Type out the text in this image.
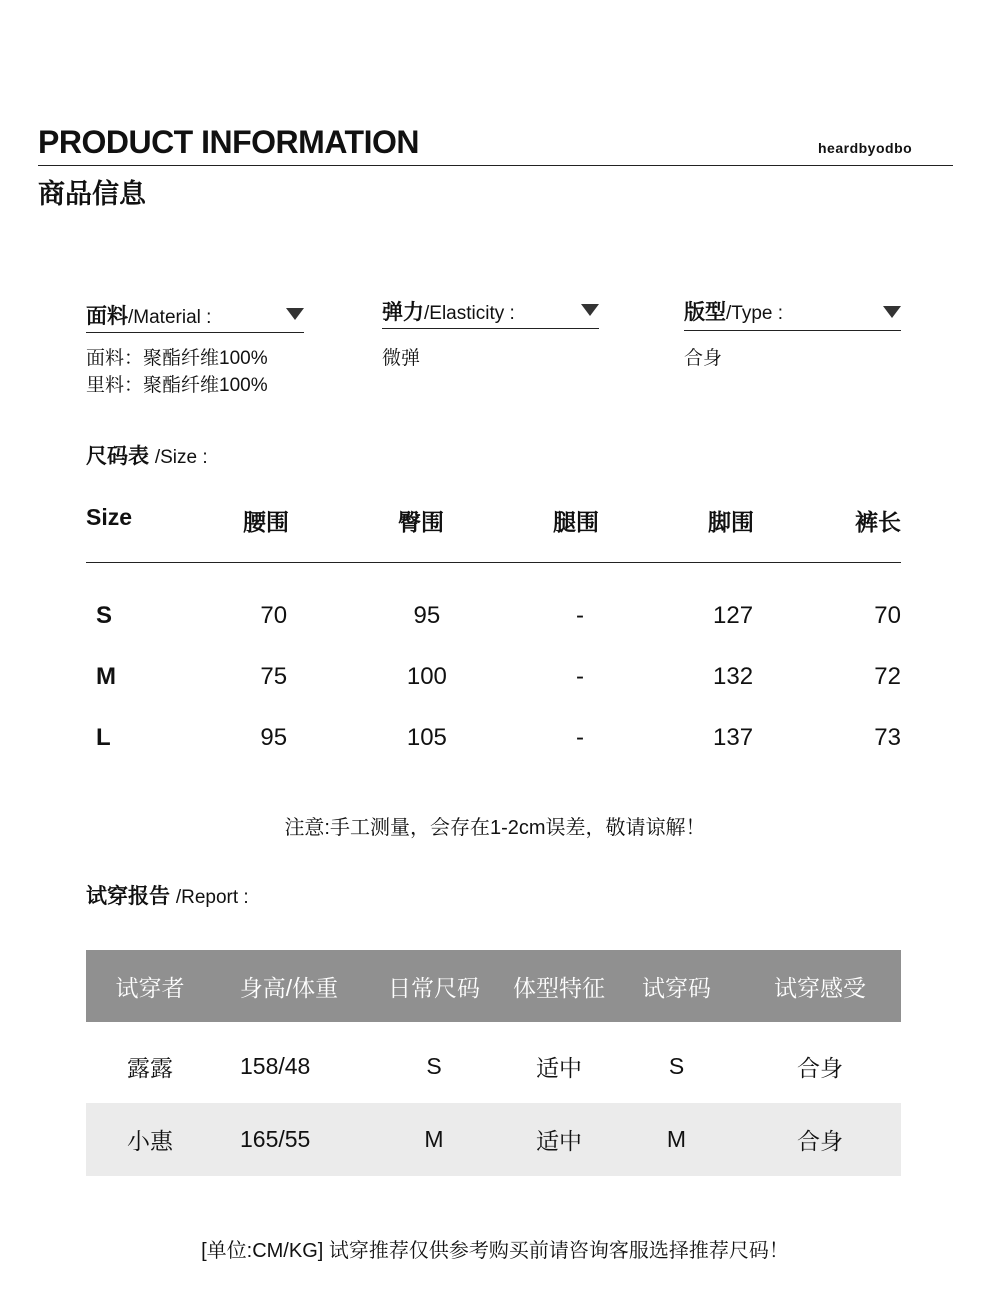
PRODUCT INFORMATION	heardbyodbo
商品信息
面料/Material :
面料：聚酯纤维100%
里料：聚酯纤维100%
弹力/Elasticity :
微弹
版型/Type :
合身
尺码表 /Size :
Size	腰围	臀围	腿围	脚围	裤长
S	70	95	-	127	70
M	75	100	-	132	72
L	95	105	-	137	73
注意:手工测量，会存在1-2cm误差，敬请谅解！
试穿报告 /Report :
试穿者	身高/体重	日常尺码	体型特征	试穿码	试穿感受
露露	158/48	S	适中	S	合身
小惠	165/55	M	适中	M	合身
[单位:CM/KG] 试穿推荐仅供参考购买前请咨询客服选择推荐尺码！
